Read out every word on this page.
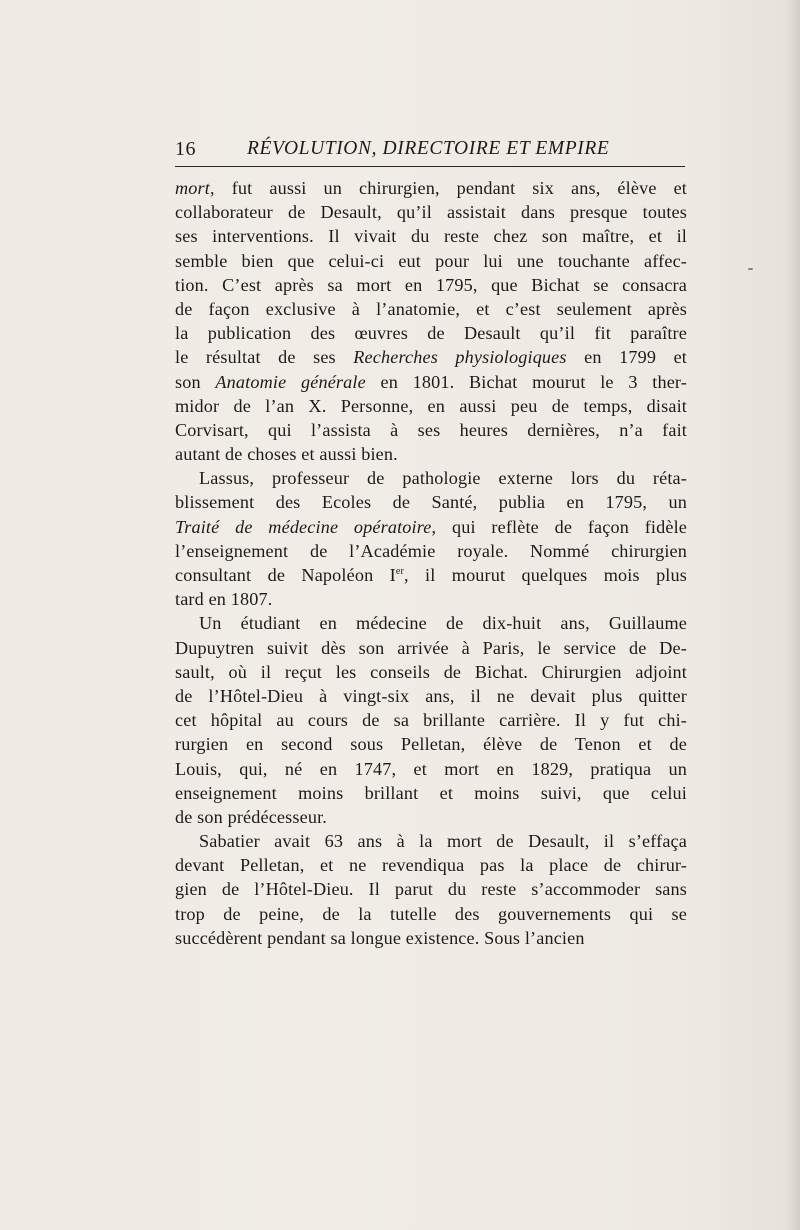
16	RÉVOLUTION, DIRECTOIRE ET EMPIRE
mort, fut aussi un chirurgien, pendant six ans, élève et
collaborateur de Desault, qu’il assistait dans presque toutes
ses interventions. Il vivait du reste chez son maître, et il
semble bien que celui-ci eut pour lui une touchante affec-
tion. C’est après sa mort en 1795, que Bichat se consacra
de façon exclusive à l’anatomie, et c’est seulement après
la publication des œuvres de Desault qu’il fit paraître
le résultat de ses Recherches physiologiques en 1799 et
son Anatomie générale en 1801. Bichat mourut le 3 ther-
midor de l’an X. Personne, en aussi peu de temps, disait
Corvisart, qui l’assista à ses heures dernières, n’a fait
autant de choses et aussi bien.
Lassus, professeur de pathologie externe lors du réta-
blissement des Ecoles de Santé, publia en 1795, un
Traité de médecine opératoire, qui reflète de façon fidèle
l’enseignement de l’Académie royale. Nommé chirurgien
consultant de Napoléon Ier, il mourut quelques mois plus
tard en 1807.
Un étudiant en médecine de dix-huit ans, Guillaume
Dupuytren suivit dès son arrivée à Paris, le service de De-
sault, où il reçut les conseils de Bichat. Chirurgien adjoint
de l’Hôtel-Dieu à vingt-six ans, il ne devait plus quitter
cet hôpital au cours de sa brillante carrière. Il y fut chi-
rurgien en second sous Pelletan, élève de Tenon et de
Louis, qui, né en 1747, et mort en 1829, pratiqua un
enseignement moins brillant et moins suivi, que celui
de son prédécesseur.
Sabatier avait 63 ans à la mort de Desault, il s’effaça
devant Pelletan, et ne revendiqua pas la place de chirur-
gien de l’Hôtel-Dieu. Il parut du reste s’accommoder sans
trop de peine, de la tutelle des gouvernements qui se
succédèrent pendant sa longue existence. Sous l’ancien
